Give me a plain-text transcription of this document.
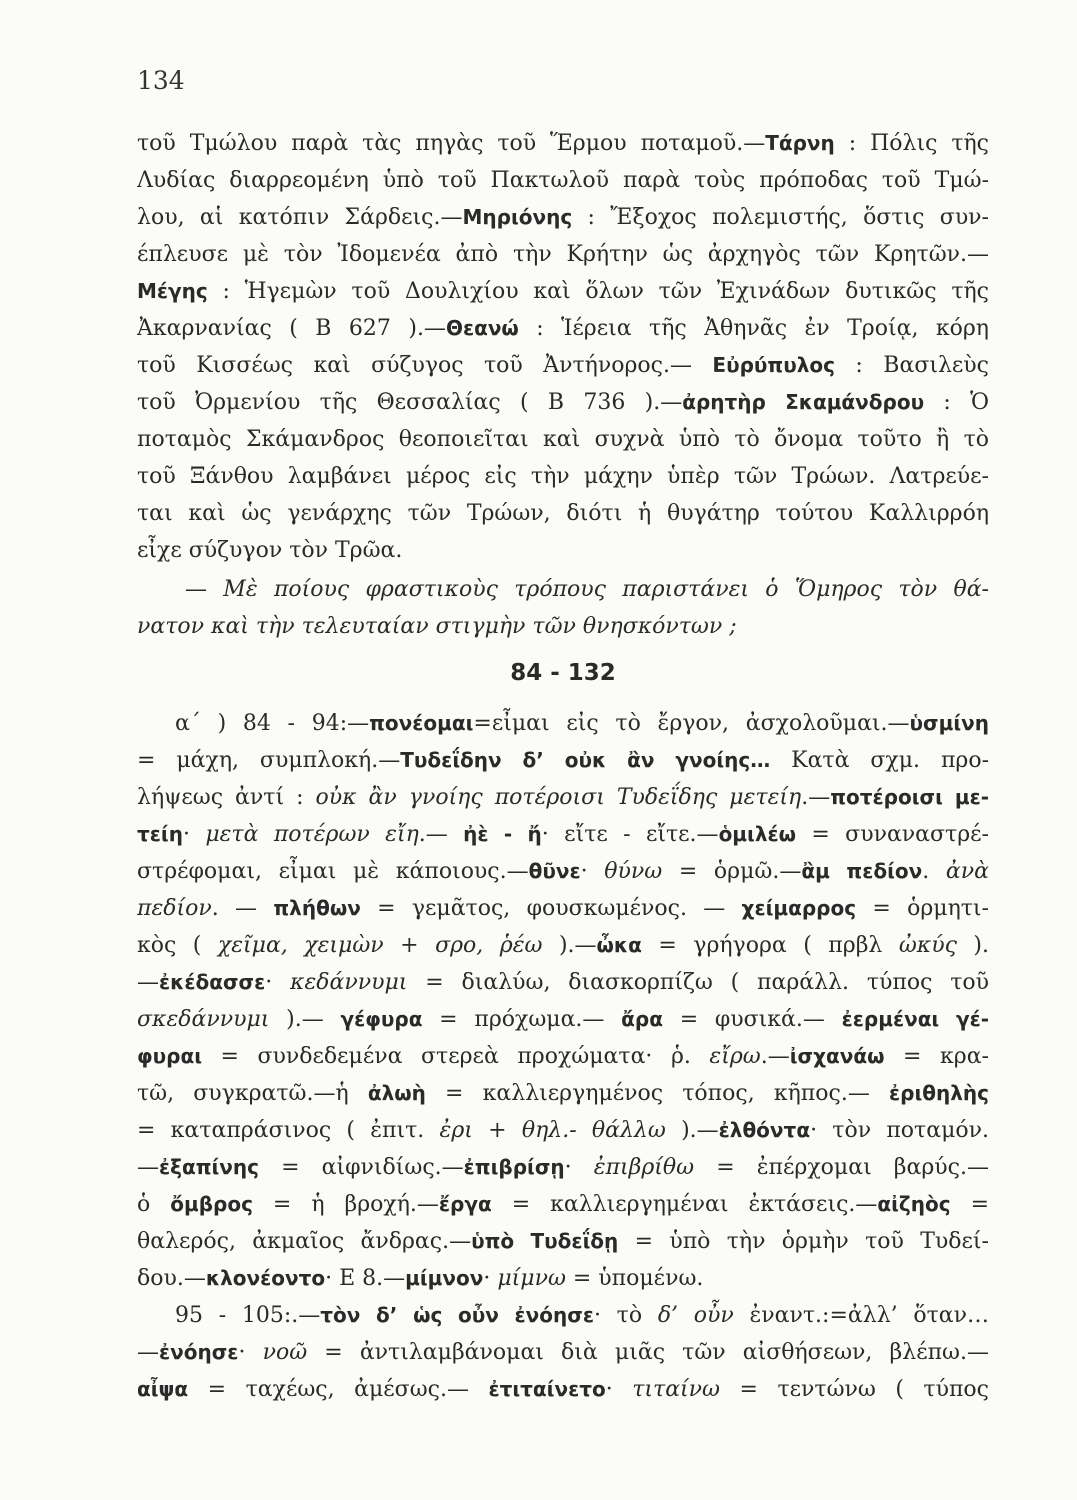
134
τοῦ Τμώλου παρὰ τὰς πηγὰς τοῦ Ἕρμου ποταμοῦ.—Τάρνη : Πόλις τῆς
Λυδίας διαρρεομένη ὑπὸ τοῦ Πακτωλοῦ παρὰ τοὺς πρόποδας τοῦ Τμώ-
λου, αἱ κατόπιν Σάρδεις.—Μηριόνης : Ἔξοχος πολεμιστής, ὅστις συν-
έπλευσε μὲ τὸν Ἰδομενέα ἀπὸ τὴν Κρήτην ὡς ἀρχηγὸς τῶν Κρητῶν.—
Μέγης : Ἡγεμὼν τοῦ Δουλιχίου καὶ ὅλων τῶν Ἐχινάδων δυτικῶς τῆς
Ἀκαρνανίας ( Β 627 ).—Θεανώ : Ἱέρεια τῆς Ἀθηνᾶς ἐν Τροίᾳ, κόρη
τοῦ Κισσέως καὶ σύζυγος τοῦ Ἀντήνορος.— Εὐρύπυλος : Βασιλεὺς
τοῦ Ὀρμενίου τῆς Θεσσαλίας ( Β 736 ).—ἀρητὴρ Σκαμάνδρου : Ὁ
ποταμὸς Σκάμανδρος θεοποιεῖται καὶ συχνὰ ὑπὸ τὸ ὄνομα τοῦτο ἢ τὸ
τοῦ Ξάνθου λαμβάνει μέρος εἰς τὴν μάχην ὑπὲρ τῶν Τρώων. Λατρεύε-
ται καὶ ὡς γενάρχης τῶν Τρώων, διότι ἡ θυγάτηρ τούτου Καλλιρρόη
εἶχε σύζυγον τὸν Τρῶα.
— Μὲ ποίους φραστικοὺς τρόπους παριστάνει ὁ Ὅμηρος τὸν θά-
νατον καὶ τὴν τελευταίαν στιγμὴν τῶν θνησκόντων ;
84 - 132
α΄ ) 84 - 94:—πονέομαι=εἶμαι εἰς τὸ ἔργον, ἀσχολοῦμαι.—ὑσμίνη
= μάχη, συμπλοκή.—Τυδεΐδην δ’ οὐκ ἂν γνοίης… Κατὰ σχμ. προ-
λήψεως ἀντί : οὐκ ἂν γνοίης ποτέροισι Τυδεΐδης μετείη.—ποτέροισι με-
τείη· μετὰ ποτέρων εἴη.— ἠὲ - ἤ· εἴτε - εἴτε.—ὁμιλέω = συναναστρέ-
στρέφομαι, εἶμαι μὲ κάποιους.—θῦνε· θύνω = ὁρμῶ.—ἂμ πεδίον. ἀνὰ
πεδίον. — πλήθων = γεμᾶτος, φουσκωμένος. — χείμαρρος = ὁρμητι-
κὸς ( χεῖμα, χειμὼν + σρο, ῥέω ).—ὦκα = γρήγορα ( πρβλ ὠκύς ).
—ἐκέδασσε· κεδάννυμι = διαλύω, διασκορπίζω ( παράλλ. τύπος τοῦ
σκεδάννυμι ).— γέφυρα = πρόχωμα.— ἄρα = φυσικά.— ἐερμέναι γέ-
φυραι = συνδεδεμένα στερεὰ προχώματα· ῥ. εἴρω.—ἰσχανάω = κρα-
τῶ, συγκρατῶ.—ἡ ἀλωὴ = καλλιεργημένος τόπος, κῆπος.— ἐριθηλὴς
= καταπράσινος ( ἐπιτ. ἐρι + θηλ.- θάλλω ).—ἐλθόντα· τὸν ποταμόν.
—ἐξαπίνης = αἰφνιδίως.—ἐπιβρίσῃ· ἐπιβρίθω = ἐπέρχομαι βαρύς.—
ὁ ὄμβρος = ἡ βροχή.—ἔργα = καλλιεργημέναι ἐκτάσεις.—αἰζηὸς =
θαλερός, ἀκμαῖος ἄνδρας.—ὑπὸ Τυδεΐδῃ = ὑπὸ τὴν ὁρμὴν τοῦ Τυδεί-
δου.—κλονέοντο· Ε 8.—μίμνον· μίμνω = ὑπομένω.
95 - 105:.—τὸν δ’ ὡς οὖν ἐνόησε· τὸ δ’ οὖν ἐναντ.:=ἀλλ’ ὅταν…
—ἐνόησε· νοῶ = ἀντιλαμβάνομαι διὰ μιᾶς τῶν αἰσθήσεων, βλέπω.—
αἶψα = ταχέως, ἀμέσως.— ἐτιταίνετο· τιταίνω = τεντώνω ( τύπος
